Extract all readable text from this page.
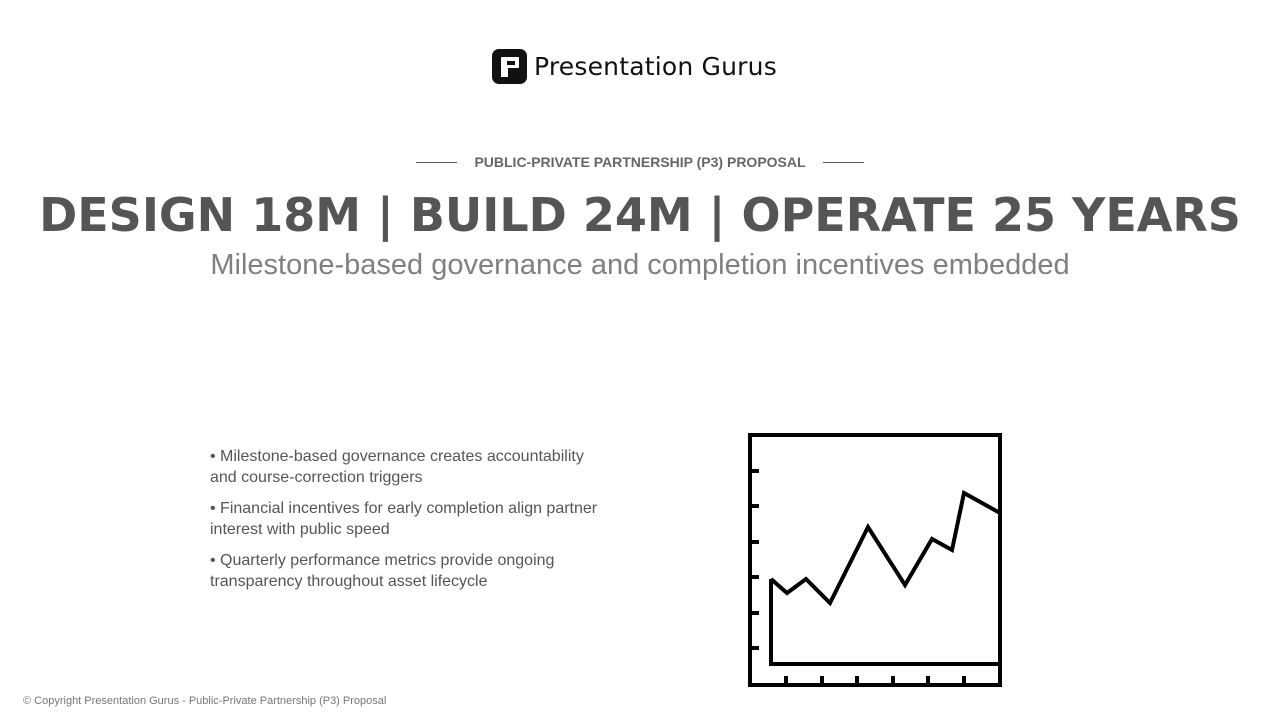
Presentation Gurus
PUBLIC-PRIVATE PARTNERSHIP (P3) PROPOSAL
DESIGN 18M | BUILD 24M | OPERATE 25 YEARS
Milestone-based governance and completion incentives embedded
• Milestone-based governance creates accountability and course-correction triggers
• Financial incentives for early completion align partner interest with public speed
• Quarterly performance metrics provide ongoing transparency throughout asset lifecycle
© Copyright Presentation Gurus - Public-Private Partnership (P3) Proposal
